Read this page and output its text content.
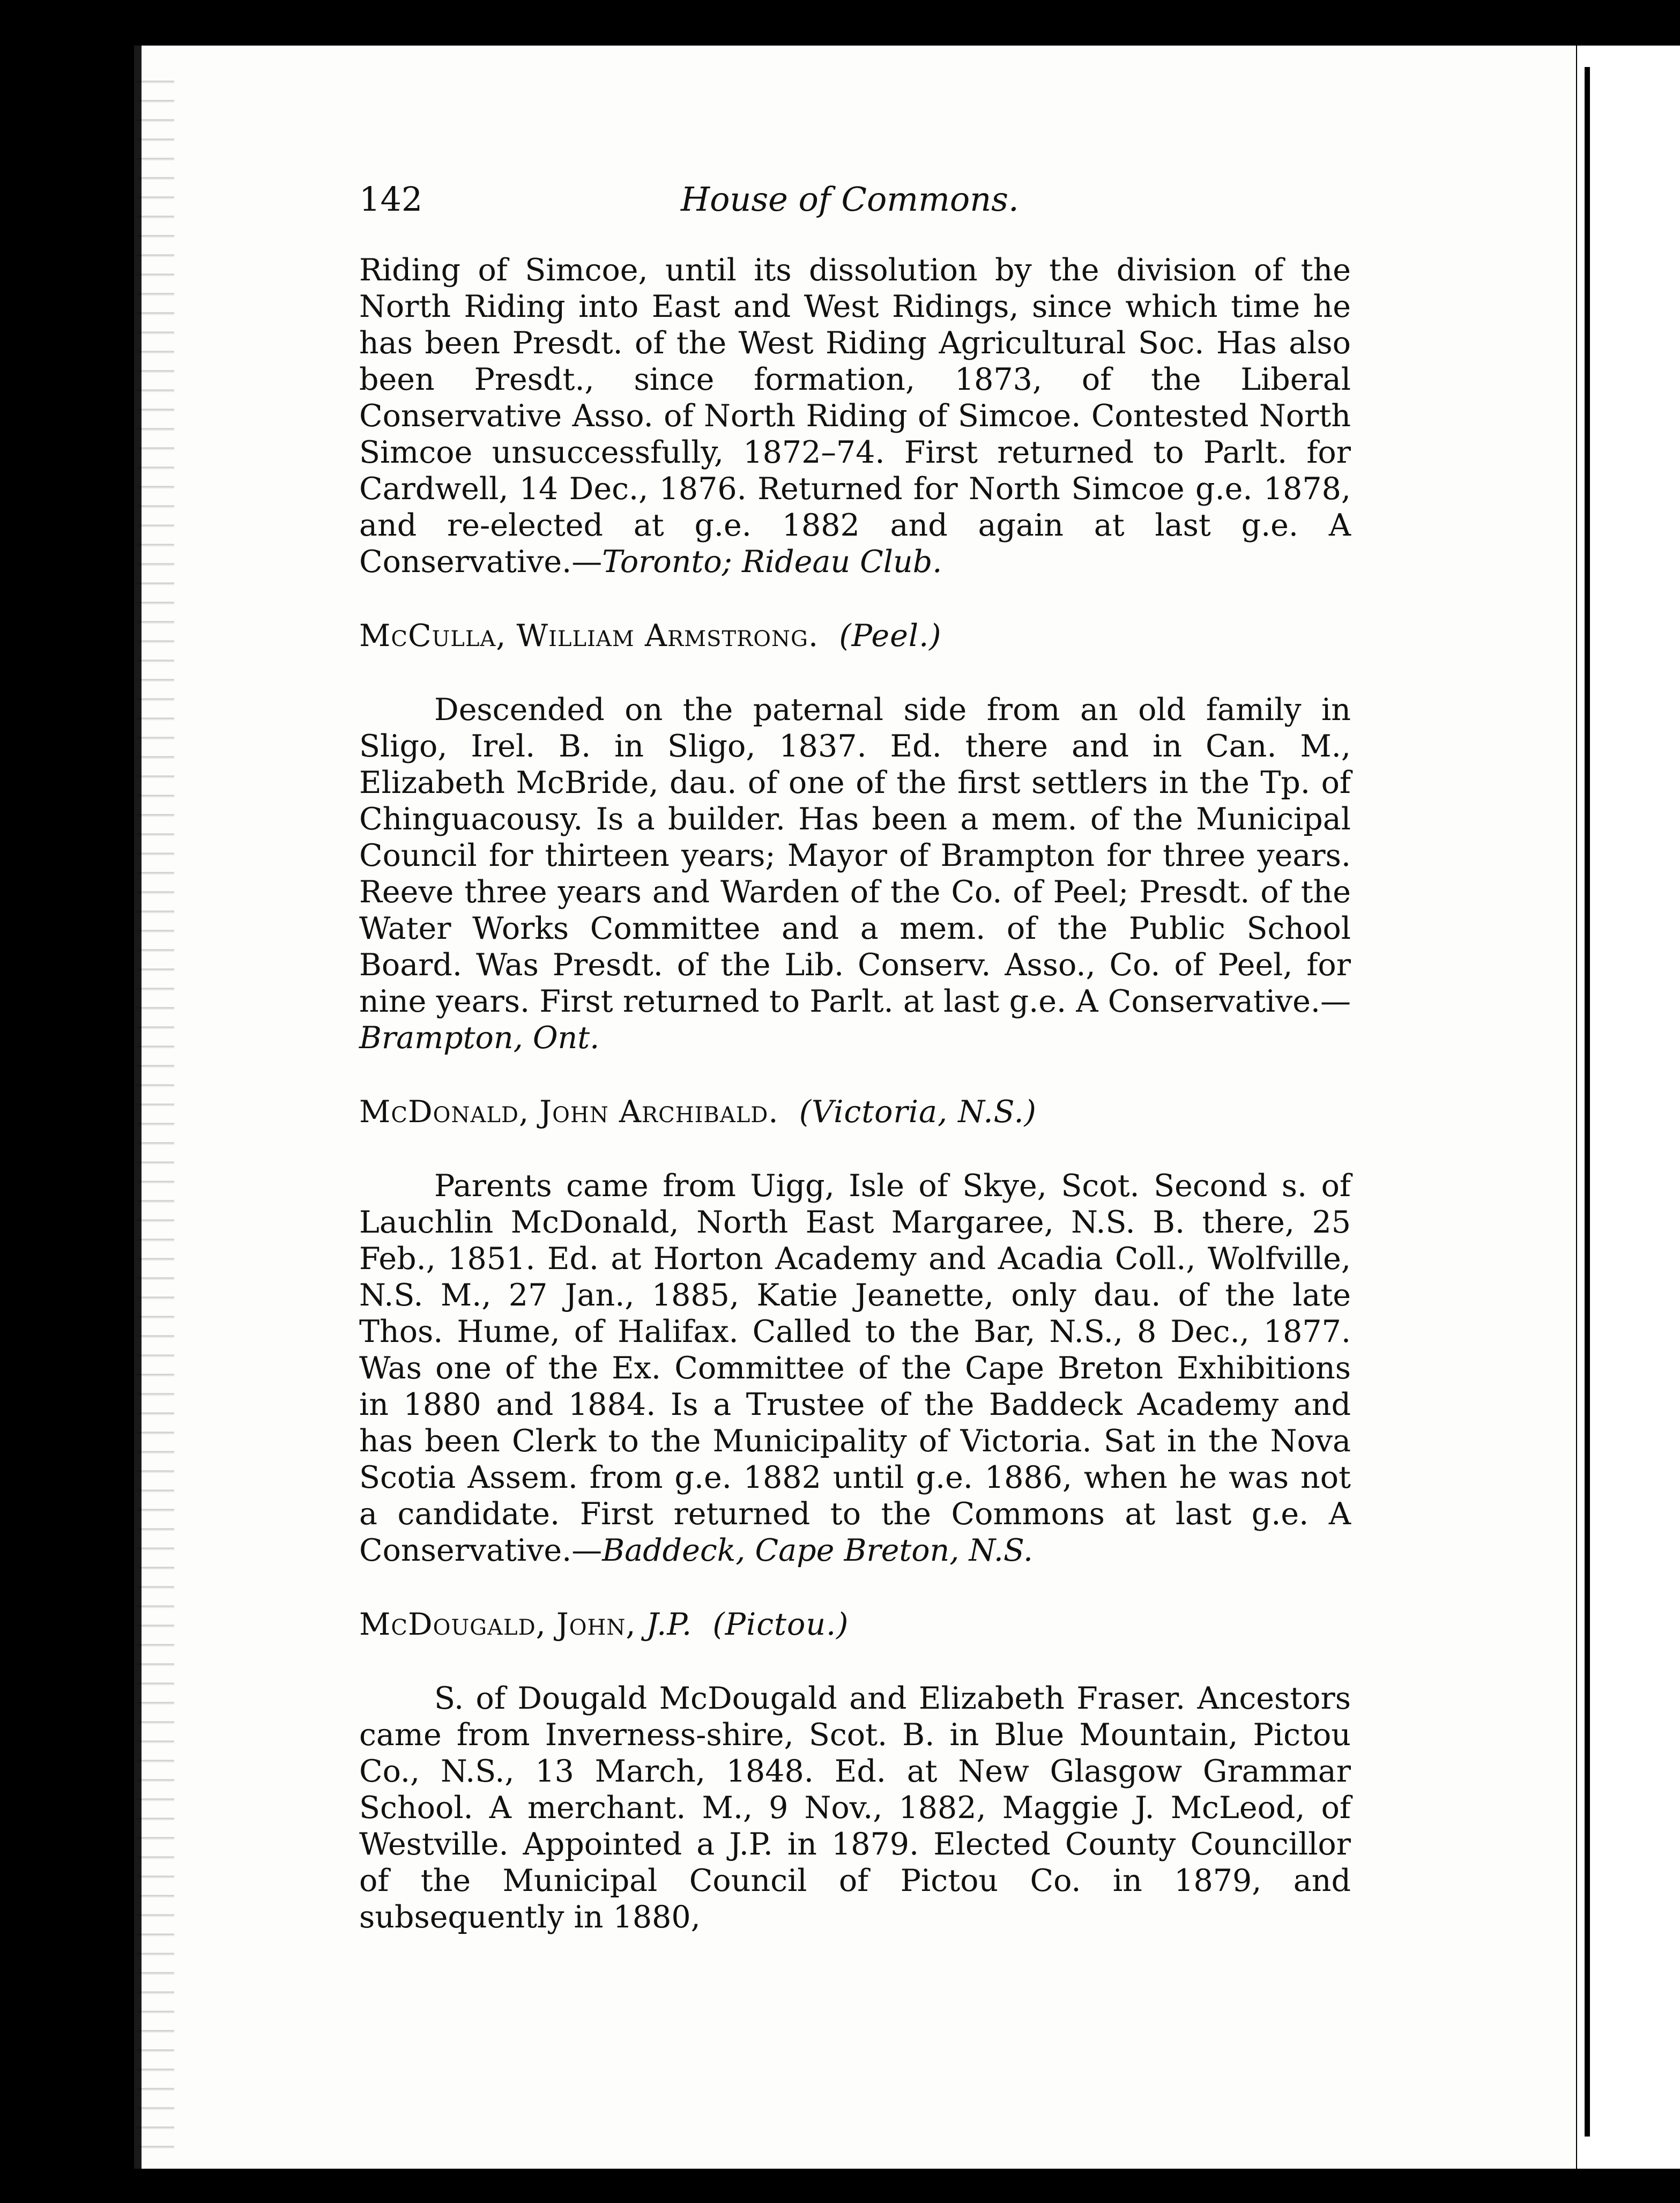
142	House of Commons.

Riding of Simcoe, until its dissolution by the division of the North Riding into East and West Ridings, since which time he has been Presdt. of the West Riding Agricultural Soc. Has also been Presdt., since formation, 1873, of the Liberal Conservative Asso. of North Riding of Simcoe. Contested North Simcoe unsuccessfully, 1872–74. First returned to Parlt. for Cardwell, 14 Dec., 1876. Returned for North Simcoe g.e. 1878, and re-elected at g.e. 1882 and again at last g.e. A Conservative.—Toronto; Rideau Club.

McCulla, William Armstrong. (Peel.)

Descended on the paternal side from an old family in Sligo, Irel. B. in Sligo, 1837. Ed. there and in Can. M., Elizabeth McBride, dau. of one of the first settlers in the Tp. of Chinguacousy. Is a builder. Has been a mem. of the Municipal Council for thirteen years; Mayor of Brampton for three years. Reeve three years and Warden of the Co. of Peel; Presdt. of the Water Works Committee and a mem. of the Public School Board. Was Presdt. of the Lib. Conserv. Asso., Co. of Peel, for nine years. First returned to Parlt. at last g.e. A Conservative.—Brampton, Ont.

McDonald, John Archibald. (Victoria, N.S.)

Parents came from Uigg, Isle of Skye, Scot. Second s. of Lauchlin McDonald, North East Margaree, N.S. B. there, 25 Feb., 1851. Ed. at Horton Academy and Acadia Coll., Wolfville, N.S. M., 27 Jan., 1885, Katie Jeanette, only dau. of the late Thos. Hume, of Halifax. Called to the Bar, N.S., 8 Dec., 1877. Was one of the Ex. Committee of the Cape Breton Exhibitions in 1880 and 1884. Is a Trustee of the Baddeck Academy and has been Clerk to the Municipality of Victoria. Sat in the Nova Scotia Assem. from g.e. 1882 until g.e. 1886, when he was not a candidate. First returned to the Commons at last g.e. A Conservative.—Baddeck, Cape Breton, N.S.

McDougald, John, J.P. (Pictou.)

S. of Dougald McDougald and Elizabeth Fraser. Ancestors came from Inverness-shire, Scot. B. in Blue Mountain, Pictou Co., N.S., 13 March, 1848. Ed. at New Glasgow Grammar School. A merchant. M., 9 Nov., 1882, Maggie J. McLeod, of Westville. Appointed a J.P. in 1879. Elected County Councillor of the Municipal Council of Pictou Co. in 1879, and subsequently in 1880,
